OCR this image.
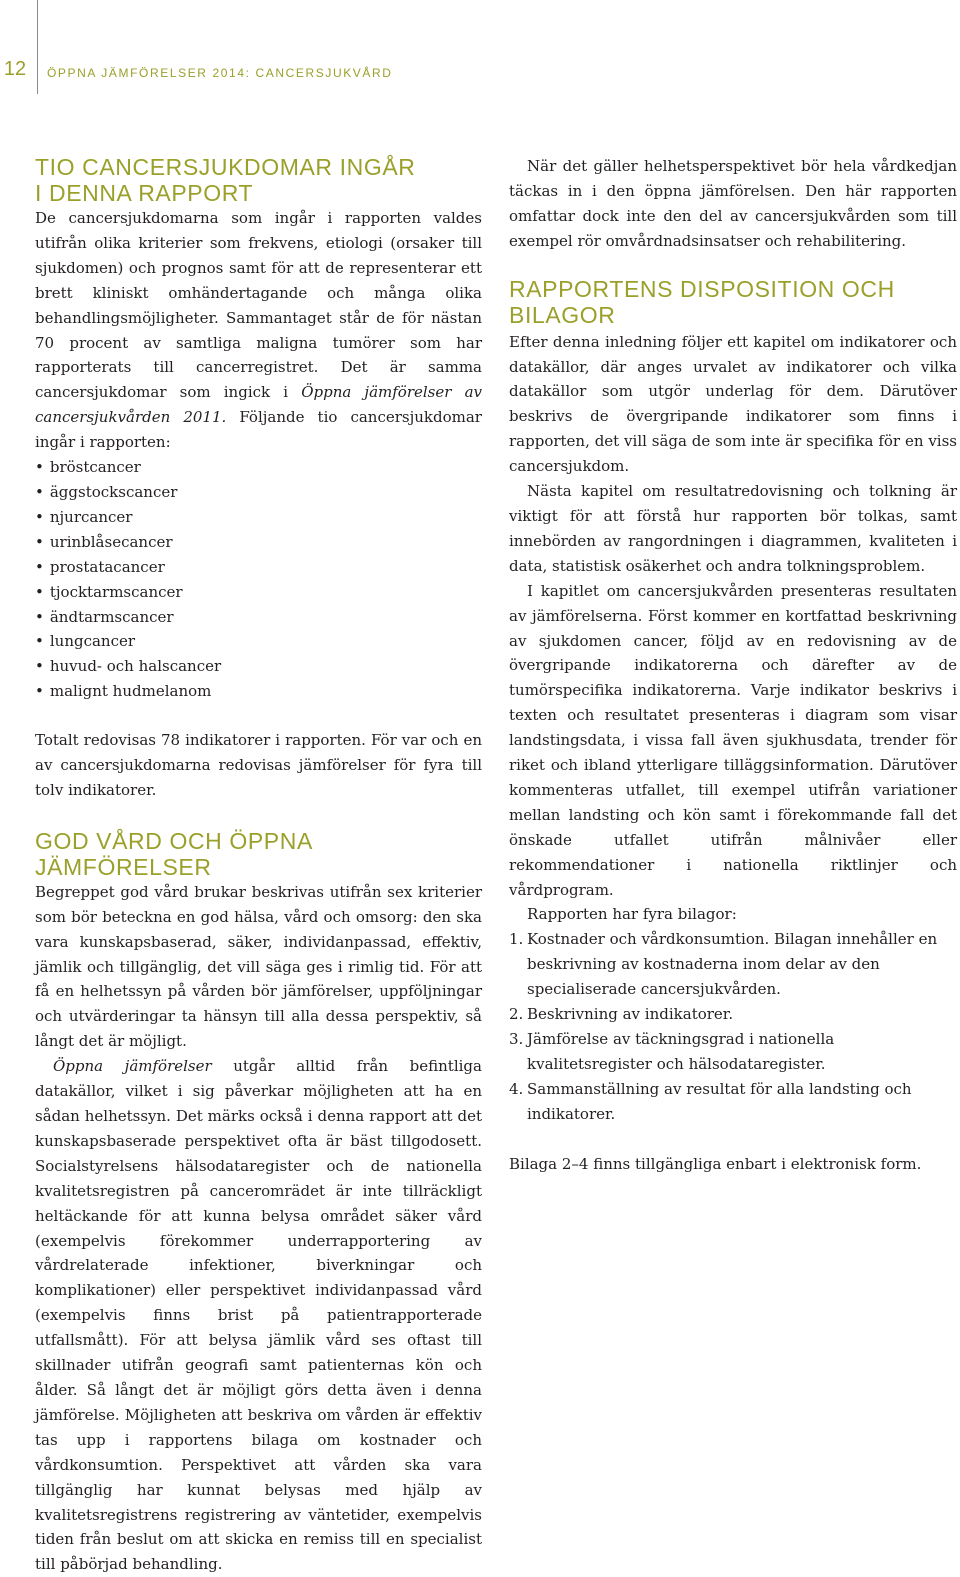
12	ÖPPNA JÄMFÖRELSER 2014: CANCERSJUKVÅRD
TIO CANCERSJUKDOMAR INGÅR
I DENNA RAPPORT

De cancersjukdomarna som ingår i rapporten valdes utifrån olika kriterier som frekvens, etiologi (orsaker till sjukdomen) och prognos samt för att de representerar ett brett kliniskt omhändertagande och många olika behandlingsmöjligheter. Sammantaget står de för nästan 70 procent av samtliga maligna tumörer som har rapporterats till cancerregistret. Det är samma cancersjukdomar som ingick i Öppna jämförelser av cancersjukvården 2011. Följande tio cancersjukdomar ingår i rapporten:

• bröstcancer
• äggstockscancer
• njurcancer
• urinblåsecancer
• prostatacancer
• tjocktarmscancer
• ändtarmscancer
• lungcancer
• huvud- och halscancer
• malignt hudmelanom

Totalt redovisas 78 indikatorer i rapporten. För var och en av cancersjukdomarna redovisas jämförelser för fyra till tolv indikatorer.

GOD VÅRD OCH ÖPPNA JÄMFÖRELSER

Begreppet god vård brukar beskrivas utifrån sex kriterier som bör beteckna en god hälsa, vård och omsorg: den ska vara kunskapsbaserad, säker, individanpassad, effektiv, jämlik och tillgänglig, det vill säga ges i rimlig tid. För att få en helhetssyn på vården bör jämförelser, uppföljningar och utvärderingar ta hänsyn till alla dessa perspektiv, så långt det är möjligt.

Öppna jämförelser utgår alltid från befintliga datakällor, vilket i sig påverkar möjligheten att ha en sådan helhetssyn. Det märks också i denna rapport att det kunskapsbaserade perspektivet ofta är bäst tillgodosett. Socialstyrelsens hälsodataregister och de nationella kvalitetsregistren på canceromrädet är inte tillräckligt heltäckande för att kunna belysa området säker vård (exempelvis förekommer underrapportering av vårdrelaterade infektioner, biverkningar och komplikationer) eller perspektivet individanpassad vård (exempelvis finns brist på patientrapporterade utfallsmått). För att belysa jämlik vård ses oftast till skillnader utifrån geografi samt patienternas kön och ålder. Så långt det är möjligt görs detta även i denna jämförelse. Möjligheten att beskriva om vården är effektiv tas upp i rapportens bilaga om kostnader och vårdkonsumtion. Perspektivet att vården ska vara tillgänglig har kunnat belysas med hjälp av kvalitetsregistrens registrering av väntetider, exempelvis tiden från beslut om att skicka en remiss till en specialist till påbörjad behandling.

När det gäller helhetsperspektivet bör hela vårdkedjan täckas in i den öppna jämförelsen. Den här rapporten omfattar dock inte den del av cancersjukvården som till exempel rör omvårdnadsinsatser och rehabilitering.

RAPPORTENS DISPOSITION OCH BILAGOR

Efter denna inledning följer ett kapitel om indikatorer och datakällor, där anges urvalet av indikatorer och vilka datakällor som utgör underlag för dem. Därutöver beskrivs de övergripande indikatorer som finns i rapporten, det vill säga de som inte är specifika för en viss cancersjukdom.

Nästa kapitel om resultatredovisning och tolkning är viktigt för att förstå hur rapporten bör tolkas, samt innebörden av rangordningen i diagrammen, kvaliteten i data, statistisk osäkerhet och andra tolkningsproblem.

I kapitlet om cancersjukvården presenteras resultaten av jämförelserna. Först kommer en kortfattad beskrivning av sjukdomen cancer, följd av en redovisning av de övergripande indikatorerna och därefter av de tumörspecifika indikatorerna. Varje indikator beskrivs i texten och resultatet presenteras i diagram som visar landstingsdata, i vissa fall även sjukhusdata, trender för riket och ibland ytterligare tilläggsinformation. Därutöver kommenteras utfallet, till exempel utifrån variationer mellan landsting och kön samt i förekommande fall det önskade utfallet utifrån målnivåer eller rekommendationer i nationella riktlinjer och vårdprogram.

Rapporten har fyra bilagor:

1. Kostnader och vårdkonsumtion. Bilagan innehåller en beskrivning av kostnaderna inom delar av den specialiserade cancersjukvården.
2. Beskrivning av indikatorer.
3. Jämförelse av täckningsgrad i nationella kvalitetsregister och hälsodataregister.
4. Sammanställning av resultat för alla landsting och indikatorer.

Bilaga 2–4 finns tillgängliga enbart i elektronisk form.
